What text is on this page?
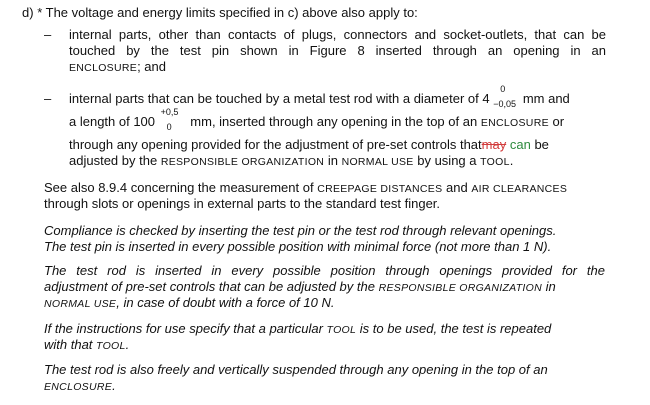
d) * The voltage and energy limits specified in c) above also apply to:
– internal parts, other than contacts of plugs, connectors and socket-outlets, that can be
touched by the test pin shown in Figure 8 inserted through an opening in an
ENCLOSURE; and
– internal parts that can be touched by a metal test rod with a diameter of 4
0
−0,05 mm and
a length of 100
+0,5
0 mm, inserted through any opening in the top of an ENCLOSURE or
through any opening provided for the adjustment of pre-set controls thatmay can be
adjusted by the RESPONSIBLE ORGANIZATION in NORMAL USE by using a TOOL.
See also 8.9.4 concerning the measurement of CREEPAGE DISTANCES and AIR CLEARANCES
through slots or openings in external parts to the standard test finger.
Compliance is checked by inserting the test pin or the test rod through relevant openings.
The test pin is inserted in every possible position with minimal force (not more than 1 N).
The test rod is inserted in every possible position through openings provided for the
adjustment of pre-set controls that can be adjusted by the RESPONSIBLE ORGANIZATION in
NORMAL USE, in case of doubt with a force of 10 N.
If the instructions for use specify that a particular TOOL is to be used, the test is repeated
with that TOOL.
The test rod is also freely and vertically suspended through any opening in the top of an
ENCLOSURE.
